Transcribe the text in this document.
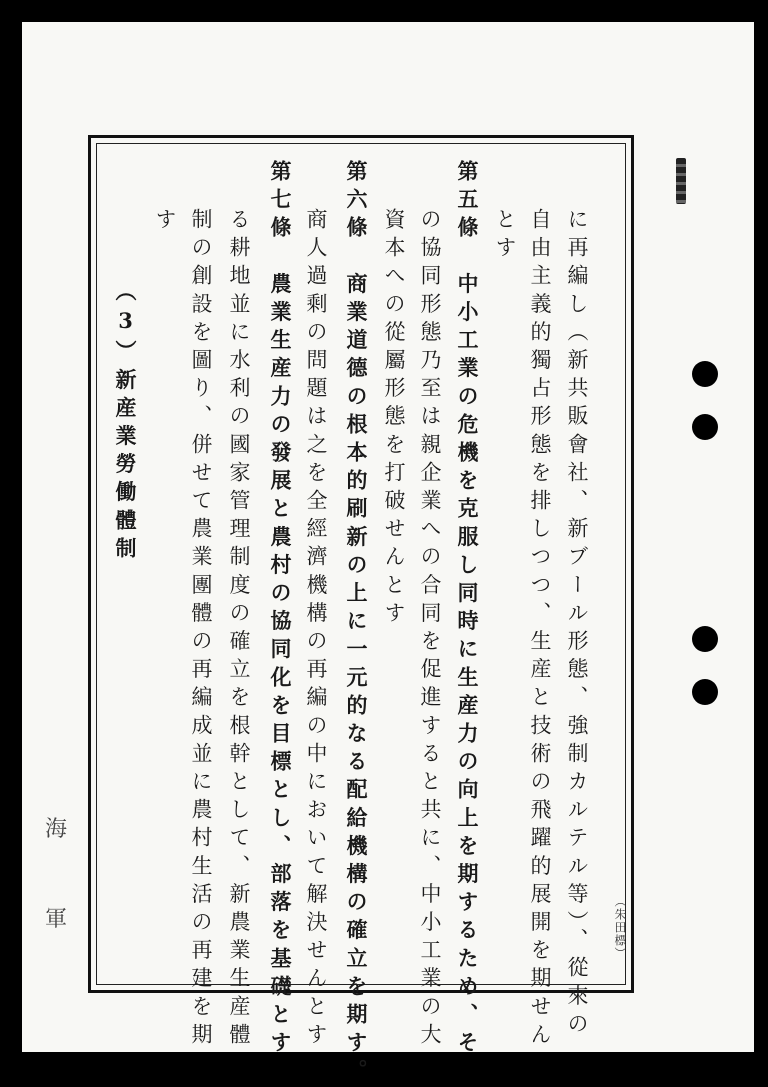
に再編し（新共販會社、新ブール形態、強制カルテル等）、從來の
自由主義的獨占形態を排しつつ、生産と技術の飛躍的展開を期せん
とす
第五條　中小工業の危機を克服し同時に生産力の向上を期するため、そ
の協同形態乃至は親企業への合同を促進すると共に、中小工業の大
資本への從屬形態を打破せんとす
第六條　商業道德の根本的刷新の上に一元的なる配給機構の確立を期す。
商人過剩の問題は之を全經濟機構の再編の中において解決せんとす
第七條　農業生産力の發展と農村の協同化を目標とし、部落を基礎とす
る耕地並に水利の國家管理制度の確立を根幹として、新農業生産體
制の創設を圖り、併せて農業團體の再編成並に農村生活の再建を期
す
（3）新産業勞働體制
（朱田標）
海
軍
